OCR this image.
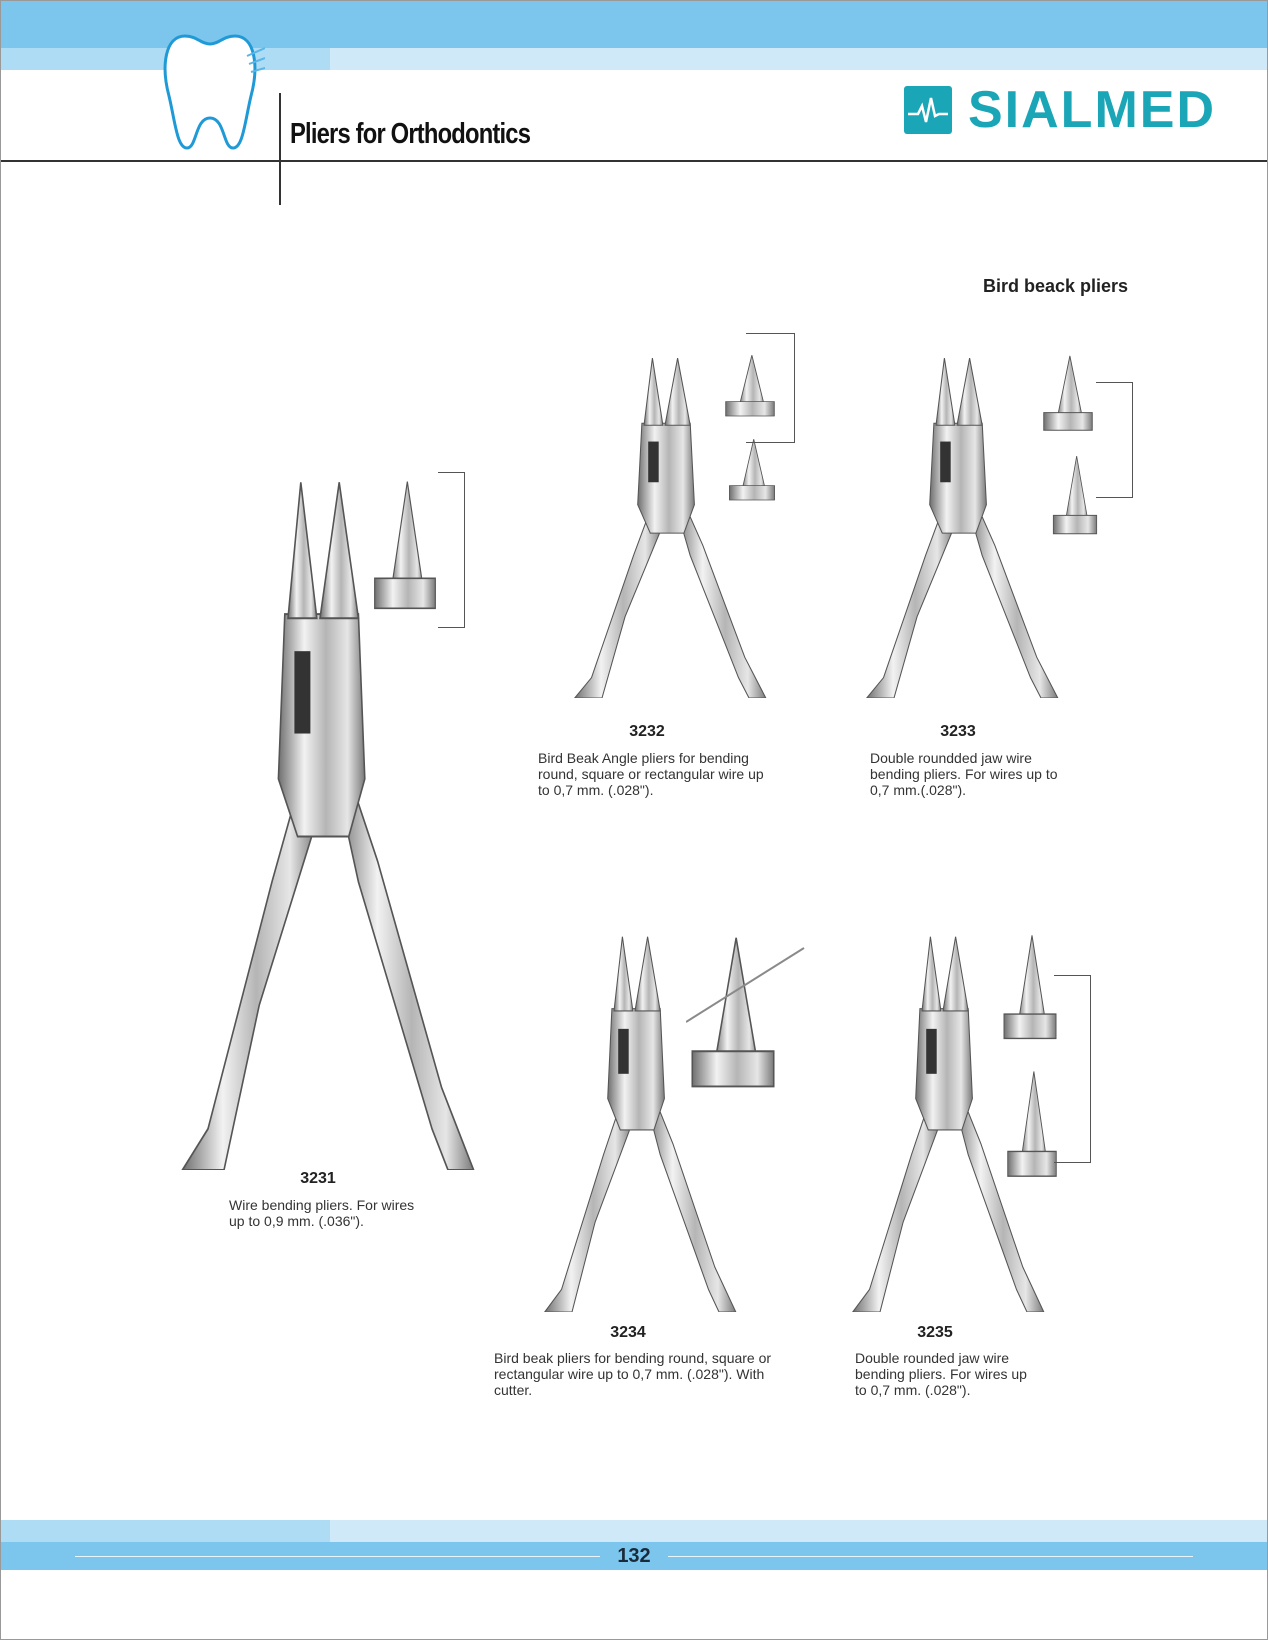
Pliers for Orthodontics	SIALMED
Bird beack pliers
3231
Wire bending pliers. For wires up to 0,9 mm. (.036").
3232
Bird Beak Angle pliers for bending round, square or rectangular wire up to 0,7 mm. (.028").
3233
Double roundded jaw wire bending pliers. For wires up to 0,7 mm.(.028").
3234
Bird beak pliers for bending round, square or rectangular wire up to 0,7 mm. (.028"). With cutter.
3235
Double rounded jaw wire bending pliers. For wires up to 0,7 mm. (.028").
132
